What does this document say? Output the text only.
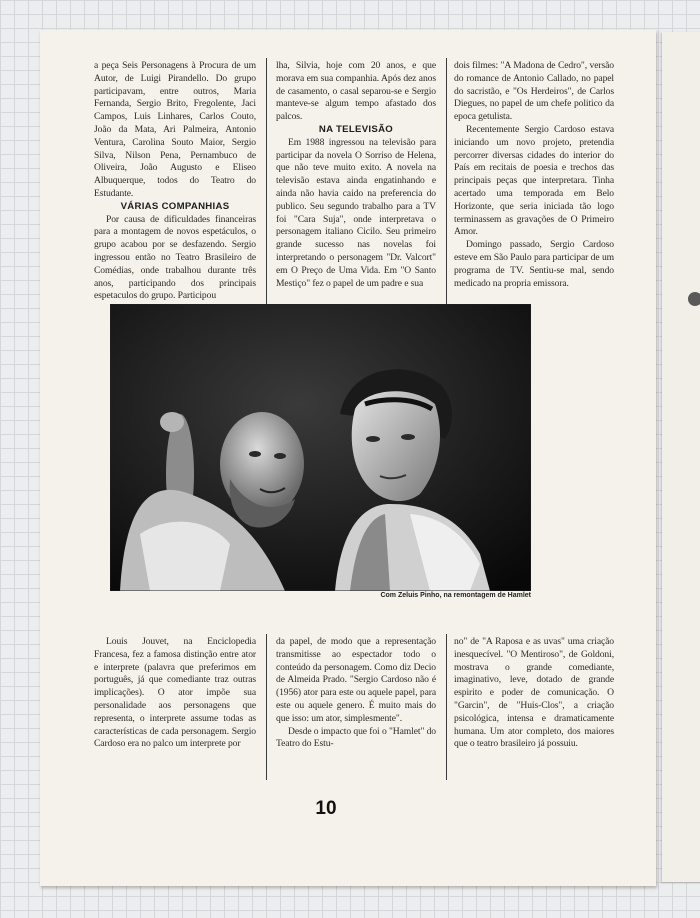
a peça Seis Personagens à Procura de um Autor, de Luigi Pirandello. Do grupo participavam, entre outros, Maria Fernanda, Sergio Brito, Fregolente, Jaci Campos, Luis Linhares, Carlos Couto, João da Mata, Ari Palmeira, Antonio Ventura, Carolina Souto Maior, Sergio Silva, Nilson Pena, Pernambuco de Oliveira, João Augusto e Eliseo Albuquerque, todos do Teatro do Estudante.

VÁRIAS COMPANHIAS

Por causa de dificuldades financeiras para a montagem de novos espetáculos, o grupo acabou por se desfazendo. Sergio ingressou então no Teatro Brasileiro de Comédias, onde trabalhou durante três anos, participando dos principais espetaculos do grupo. Participou

lha, Silvia, hoje com 20 anos, e que morava em sua companhia. Após dez anos de casamento, o casal separou-se e Sergio manteve-se algum tempo afastado dos palcos.

NA TELEVISÃO

Em 1988 ingressou na televisão para participar da novela O Sorriso de Helena, que não teve muito exito. A novela na televisão estava ainda engatinhando e ainda não havia caido na preferencia do publico. Seu segundo trabalho para a TV foi "Cara Suja", onde interpretava o personagem italiano Cicilo. Seu primeiro grande sucesso nas novelas foi interpretando o personagem "Dr. Valcort" em O Preço de Uma Vida. Em "O Santo Mestiço" fez o papel de um padre e sua

dois filmes: "A Madona de Cedro", versão do romance de Antonio Callado, no papel do sacristão, e "Os Herdeiros", de Carlos Diegues, no papel de um chefe politico da epoca getulista.

Recentemente Sergio Cardoso estava iniciando um novo projeto, pretendia percorrer diversas cidades do interior do País em recitais de poesia e trechos das principais peças que interpretara. Tinha acertado uma temporada em Belo Horizonte, que seria iniciada tão logo terminassem as gravações de O Primeiro Amor.

Domingo passado, Sergio Cardoso esteve em São Paulo para participar de um programa de TV. Sentiu-se mal, sendo medicado na propria emissora.

Com Zeluis Pinho, na remontagem de Hamlet

Louis Jouvet, na Enciclopedia Francesa, fez a famosa distinção entre ator e interprete (palavra que preferimos em português, já que comediante traz outras implicações). O ator impõe sua personalidade aos personagens que representa, o interprete assume todas as características de cada personagem. Sergio Cardoso era no palco um interprete por

da papel, de modo que a representação transmitisse ao espectador todo o conteúdo da personagem. Como diz Decio de Almeida Prado. "Sergio Cardoso não é (1956) ator para este ou aquele papel, para este ou aquele genero. É muito mais do que isso: um ator, simplesmente".

Desde o impacto que foi o "Hamlet" do Teatro do Estu-

no" de "A Raposa e as uvas" uma criação inesquecível. "O Mentiroso", de Goldoni, mostrava o grande comediante, imaginativo, leve, dotado de grande espirito e poder de comunicação. O "Garcin", de "Huis-Clos", a criação psicológica, intensa e dramaticamente humana. Um ator completo, dos maiores que o teatro brasileiro já possuiu.

10
